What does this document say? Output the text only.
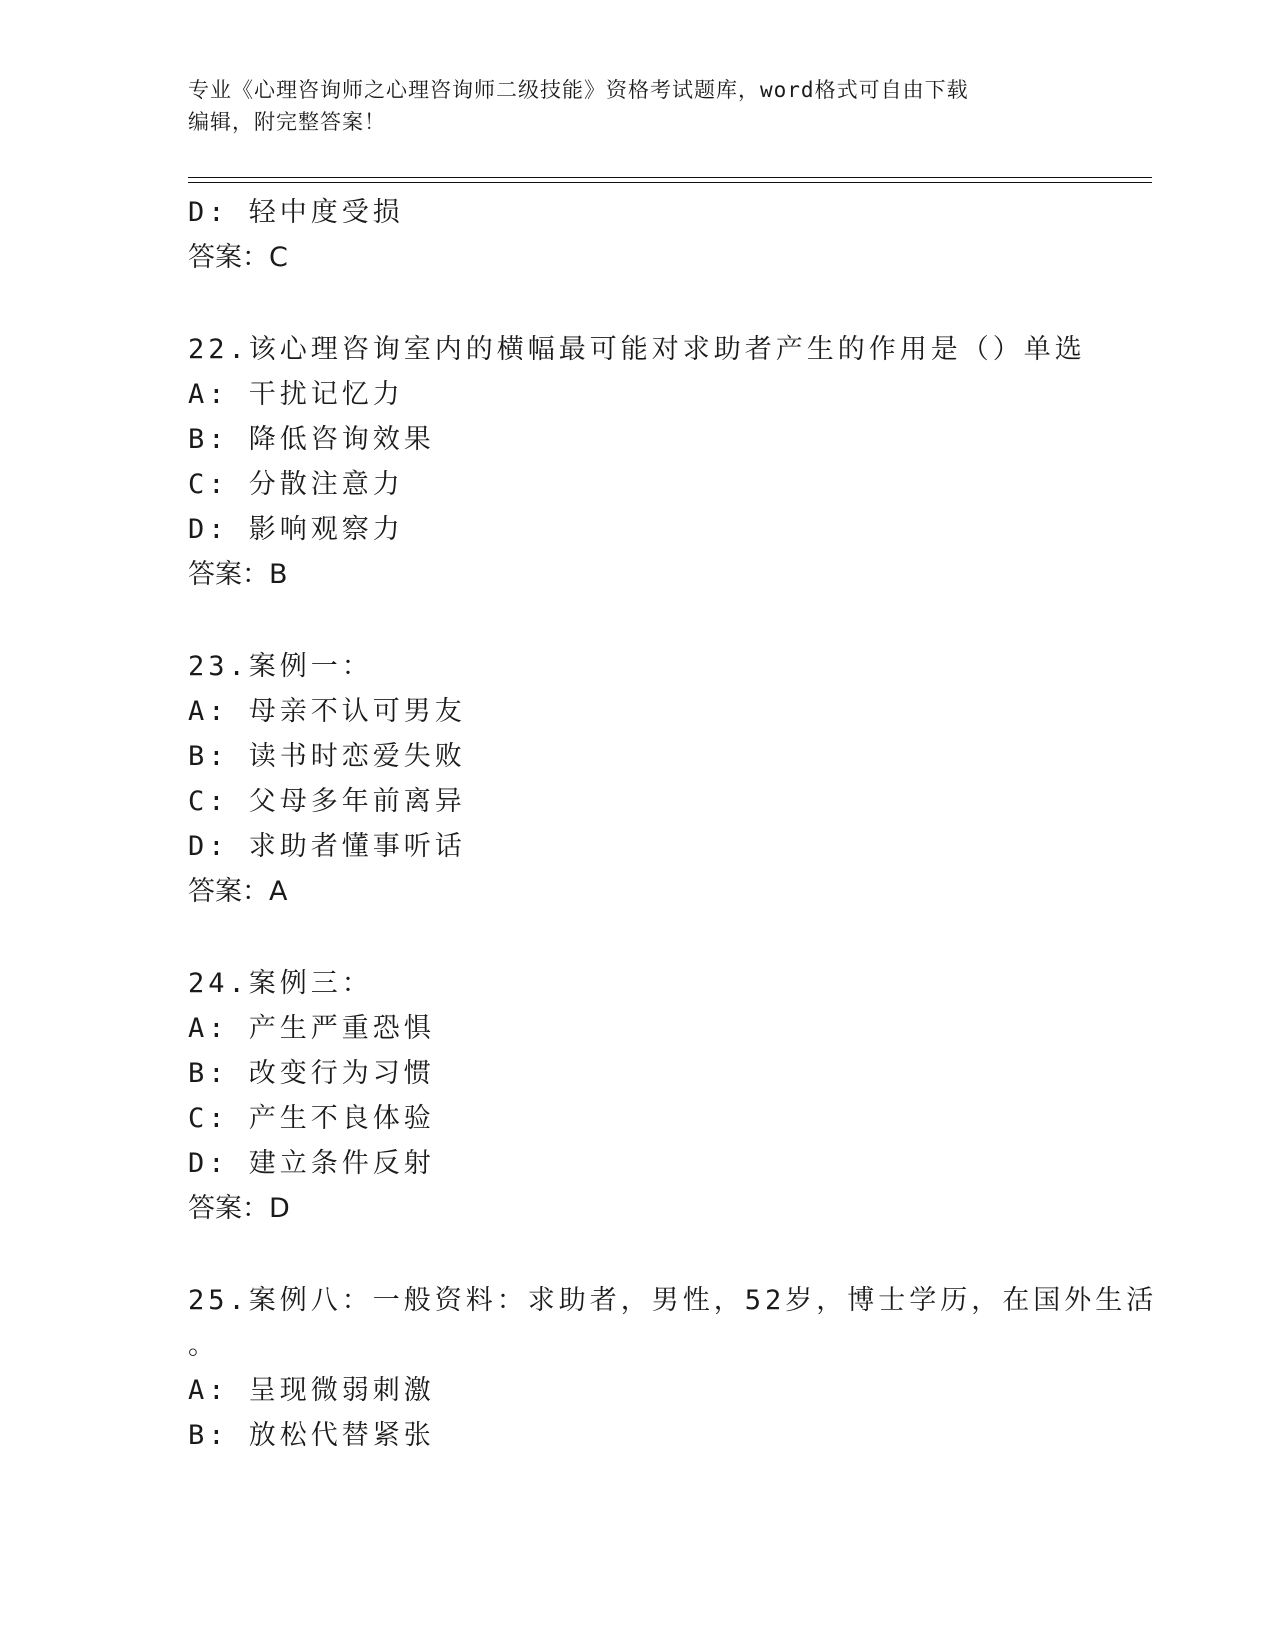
专业《心理咨询师之心理咨询师二级技能》资格考试题库，word格式可自由下载
编辑，附完整答案！
D: 轻中度受损
答案：C
22.该心理咨询室内的横幅最可能对求助者产生的作用是（）单选
A: 干扰记忆力
B: 降低咨询效果
C: 分散注意力
D: 影响观察力
答案：B
23.案例一：
A: 母亲不认可男友
B: 读书时恋爱失败
C: 父母多年前离异
D: 求助者懂事听话
答案：A
24.案例三：
A: 产生严重恐惧
B: 改变行为习惯
C: 产生不良体验
D: 建立条件反射
答案：D
25.案例八：一般资料：求助者，男性，52岁，博士学历，在国外生活
。
A: 呈现微弱刺激
B: 放松代替紧张
